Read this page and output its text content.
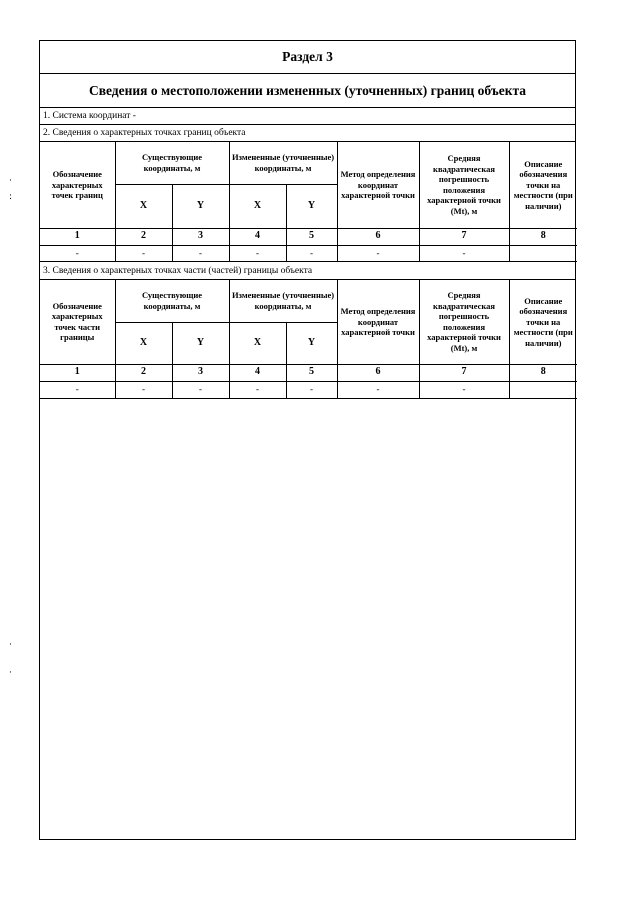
Раздел 3
Сведения о местоположении измененных (уточненных) границ объекта
1. Система координат -
2. Сведения о характерных точках границ объекта
Обозначение характерных точек границ	Существующие координаты, м		Измененные (уточненные) координаты, м		Метод определения координат характерной точки	Средняя квадратическая погрешность положения характерной точки (Mt), м	Описание обозначения точки на местности (при наличии)
	X	Y	X	Y			
1	2	3	4	5	6	7	8
-	-	-	-	-	-	-	
3. Сведения о характерных точках части (частей) границы объекта
Обозначение характерных точек части границы	Существующие координаты, м		Измененные (уточненные) координаты, м		Метод определения координат характерной точки	Средняя квадратическая погрешность положения характерной точки (Mt), м	Описание обозначения точки на местности (при наличии)
	X	Y	X	Y			
1	2	3	4	5	6	7	8
-	-	-	-	-	-	-	
·
:
·
·
